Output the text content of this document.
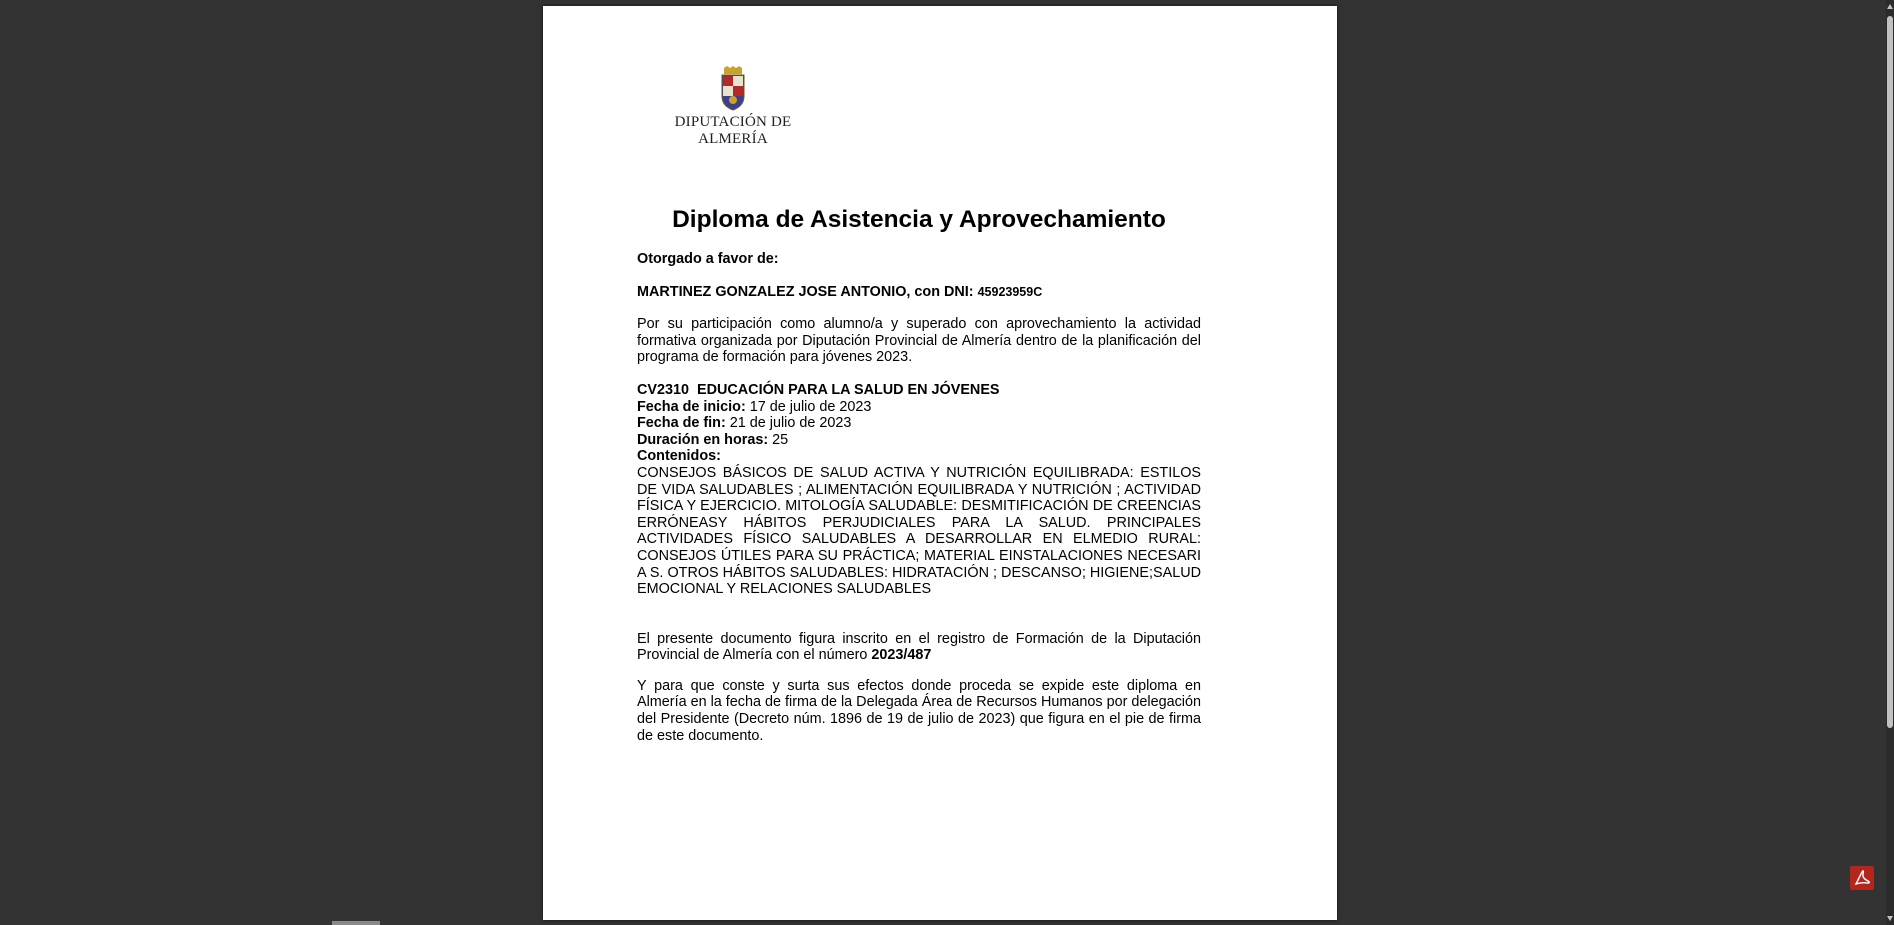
DIPUTACIÓN DE ALMERÍA
Diploma de Asistencia y Aprovechamiento
Otorgado a favor de:
MARTINEZ GONZALEZ JOSE ANTONIO, con DNI: 45923959C
Por su participación como alumno/a y superado con aprovechamiento la actividad formativa organizada por Diputación Provincial de Almería dentro de la planificación del programa de formación para jóvenes 2023.
CV2310 EDUCACIÓN PARA LA SALUD EN JÓVENES
Fecha de inicio: 17 de julio de 2023
Fecha de fin: 21 de julio de 2023
Duración en horas: 25
Contenidos:
CONSEJOS BÁSICOS DE SALUD ACTIVA Y NUTRICIÓN EQUILIBRADA: ESTILOS DE VIDA SALUDABLES ; ALIMENTACIÓN EQUILIBRADA Y NUTRICIÓN ; ACTIVIDAD FÍSICA Y EJERCICIO. MITOLOGÍA SALUDABLE: DESMITIFICACIÓN DE CREENCIAS ERRÓNEASY HÁBITOS PERJUDICIALES PARA LA SALUD. PRINCIPALES ACTIVIDADES FÍSICO SALUDABLES A DESARROLLAR EN ELMEDIO RURAL: CONSEJOS ÚTILES PARA SU PRÁCTICA; MATERIAL EINSTALACIONES NECESARI A S. OTROS HÁBITOS SALUDABLES: HIDRATACIÓN ; DESCANSO; HIGIENE;SALUD EMOCIONAL Y RELACIONES SALUDABLES
El presente documento figura inscrito en el registro de Formación de la Diputación Provincial de Almería con el número 2023/487
Y para que conste y surta sus efectos donde proceda se expide este diploma en Almería en la fecha de firma de la Delegada Área de Recursos Humanos por delegación del Presidente (Decreto núm. 1896 de 19 de julio de 2023) que figura en el pie de firma de este documento.
